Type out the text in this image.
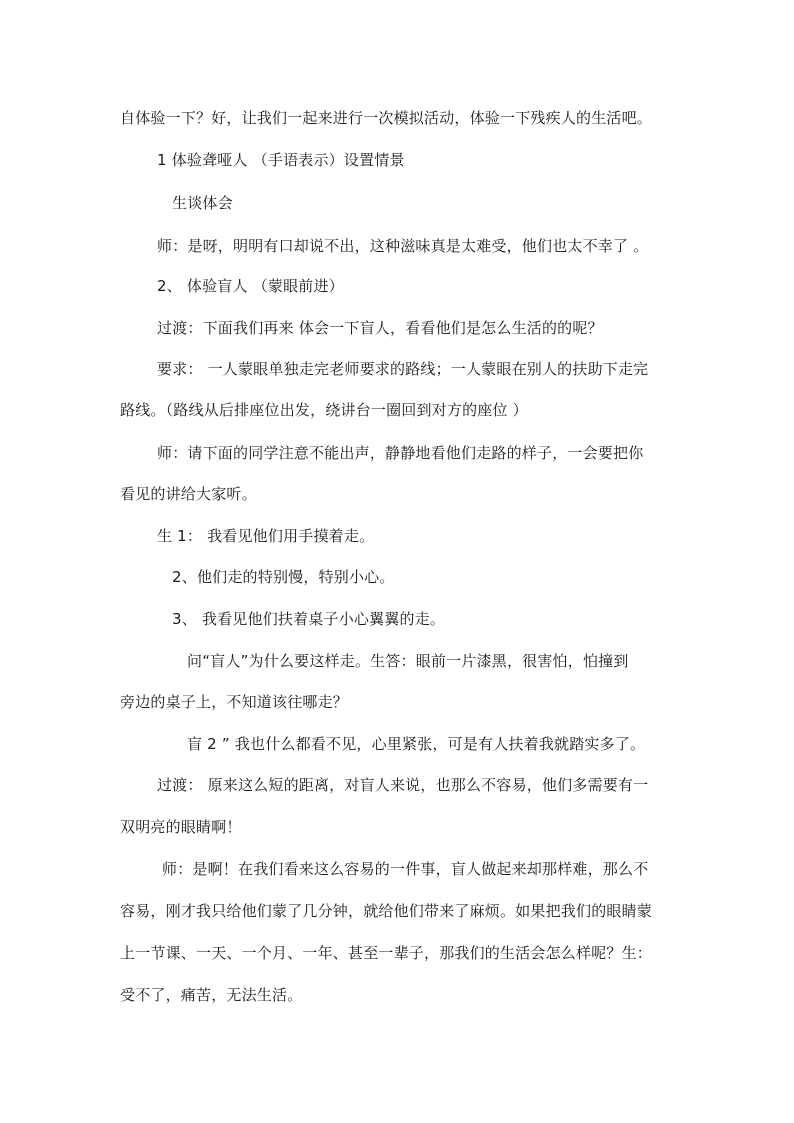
自体验一下？好，让我们一起来进行一次模拟活动，体验一下残疾人的生活吧。
1 体验聋哑人 （手语表示）设置情景
生谈体会
师：是呀，明明有口却说不出，这种滋味真是太难受，他们也太不幸了 。
2、 体验盲人 （蒙眼前进）
过渡：下面我们再来 体会一下盲人，看看他们是怎么生活的的呢？
要求： 一人蒙眼单独走完老师要求的路线；一人蒙眼在别人的扶助下走完
路线。（路线从后排座位出发，绕讲台一圈回到对方的座位 ）
师：请下面的同学注意不能出声，静静地看他们走路的样子，一会要把你
看见的讲给大家听。
生 1： 我看见他们用手摸着走。
2、他们走的特别慢，特别小心。
3、 我看见他们扶着桌子小心翼翼的走。
问“盲人”为什么要这样走。生答：眼前一片漆黑，很害怕，怕撞到
旁边的桌子上，不知道该往哪走？
盲 2 ” 我也什么都看不见，心里紧张，可是有人扶着我就踏实多了。
过渡： 原来这么短的距离，对盲人来说，也那么不容易，他们多需要有一
双明亮的眼睛啊！
师：是啊！在我们看来这么容易的一件事，盲人做起来却那样难，那么不
容易，刚才我只给他们蒙了几分钟，就给他们带来了麻烦。如果把我们的眼睛蒙
上一节课、一天、一个月、一年、甚至一辈子，那我们的生活会怎么样呢？生：
受不了，痛苦，无法生活。
